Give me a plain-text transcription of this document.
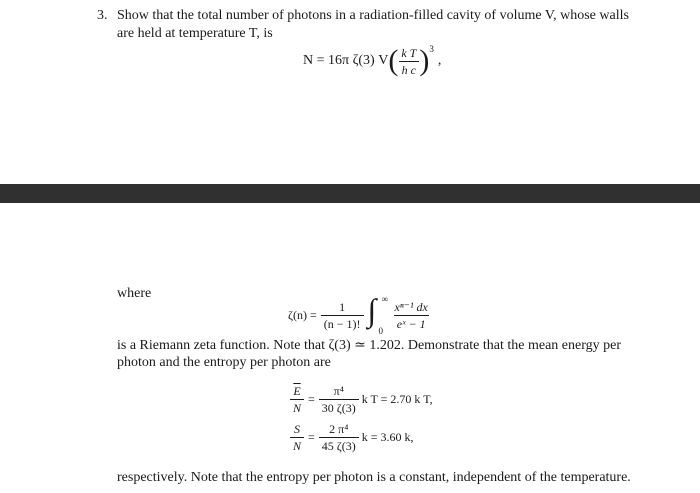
3. Show that the total number of photons in a radiation-filled cavity of volume V, whose walls
are held at temperature T, is
N = 16π ζ(3) V ( $\frac{\text{k T}}{\text{h c}}$ ) 3
,
where
$\zeta(n) = \frac{1}{(n - 1)!}$ ∫ ∞
0
$\frac{\text{xⁿ⁻¹ dx}}{\text{eˣ − 1}}$
is a Riemann zeta function. Note that ζ(3) ≃ 1.202. Demonstrate that the mean energy per
photon and the entropy per photon are
$\frac{\overline{E}}{N} = \frac{\text{π⁴}}{30 \zeta(3)}$ k T = 2.70 k T,
$\frac{S}{N} = \frac{\text{2 π⁴}}{45 \zeta(3)}$ k = 3.60 k,
respectively. Note that the entropy per photon is a constant, independent of the temperature.
